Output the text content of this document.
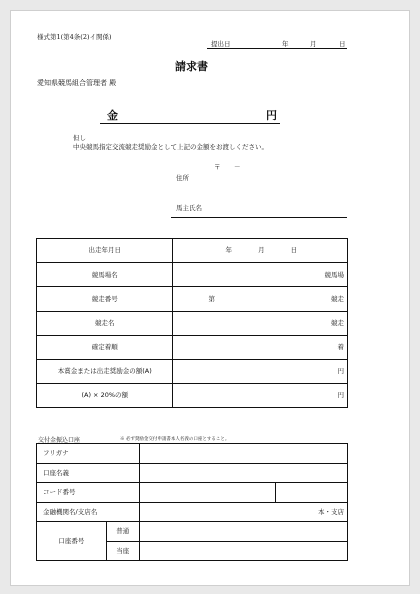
様式第1(第4条(2)イ関係)
提出日	年	月	日
請求書
愛知県競馬組合管理者 殿
金	円
但し
中央競馬指定交流競走奨励金として上記の金額をお渡しください。
〒 －
住所
馬主氏名
出走年月日	年 月 日
競馬場名	競馬場
競走番号	第 競走

競走名	競走
確定着順	着
本賞金または出走奨励金の額(A)	円
(A) × 20%の額	円
交付金振込口座	※ 必ず奨励金交付申請書本人名義の口座とすること。
フリガナ			
口座名義			
コード番号			
金融機関名/支店名		本・支店	
口座番号	普通		
	当座		
